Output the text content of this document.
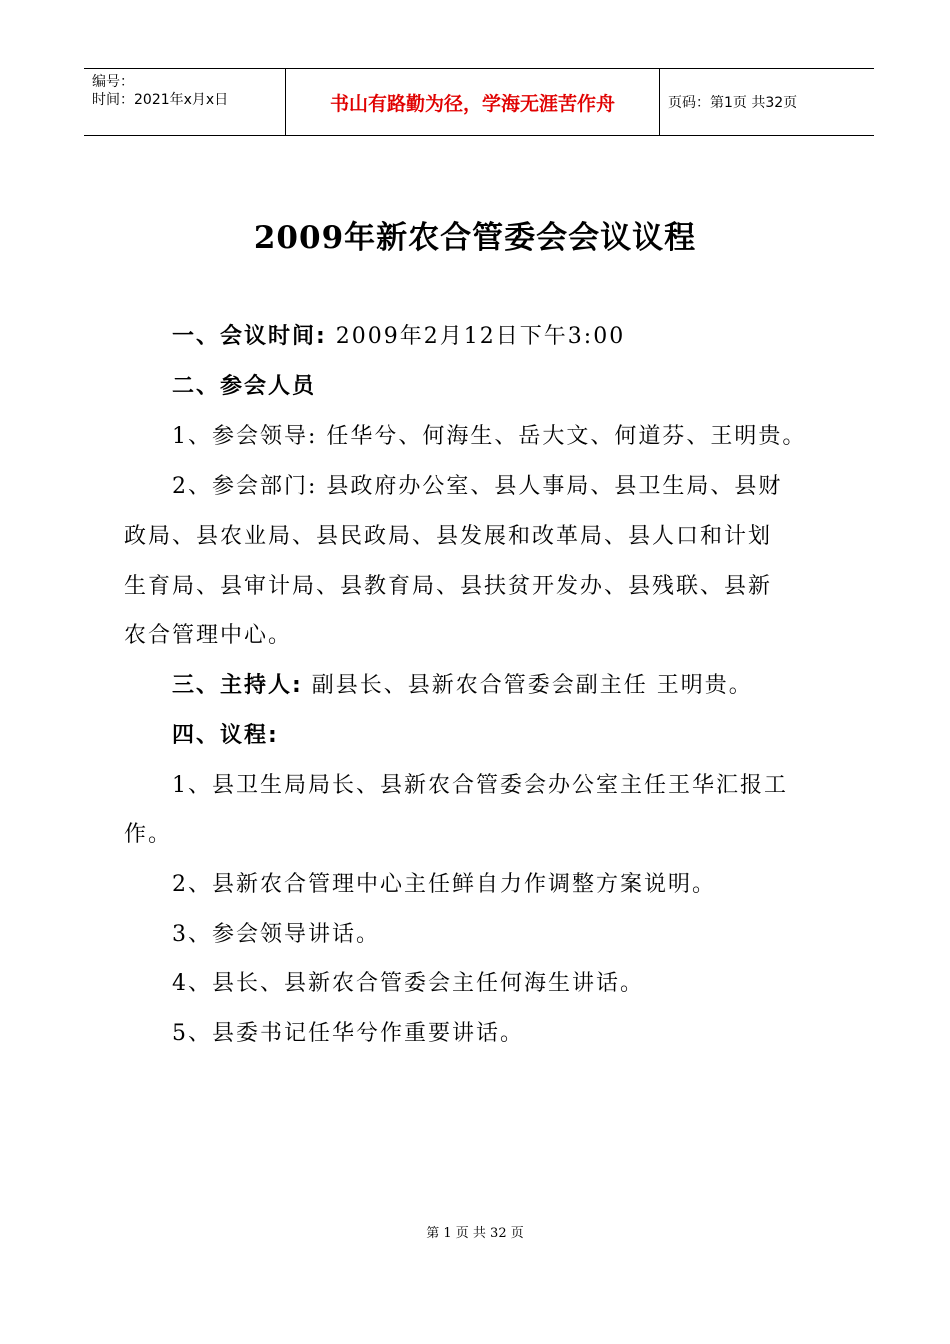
编号：
时间：2021年x月x日	书山有路勤为径，学海无涯苦作舟	页码：第1页 共32页
2009年新农合管委会会议议程
一、会议时间: 2009年2月12日下午3:00
二、参会人员
1、参会领导: 任华兮、何海生、岳大文、何道芬、王明贵。
2、参会部门: 县政府办公室、县人事局、县卫生局、县财
政局、县农业局、县民政局、县发展和改革局、县人口和计划
生育局、县审计局、县教育局、县扶贫开发办、县残联、县新
农合管理中心。
三、主持人: 副县长、县新农合管委会副主任 王明贵。
四、议程:
1、县卫生局局长、县新农合管委会办公室主任王华汇报工
作。
2、县新农合管理中心主任鲜自力作调整方案说明。
3、参会领导讲话。
4、县长、县新农合管委会主任何海生讲话。
5、县委书记任华兮作重要讲话。
第 1 页 共 32 页
